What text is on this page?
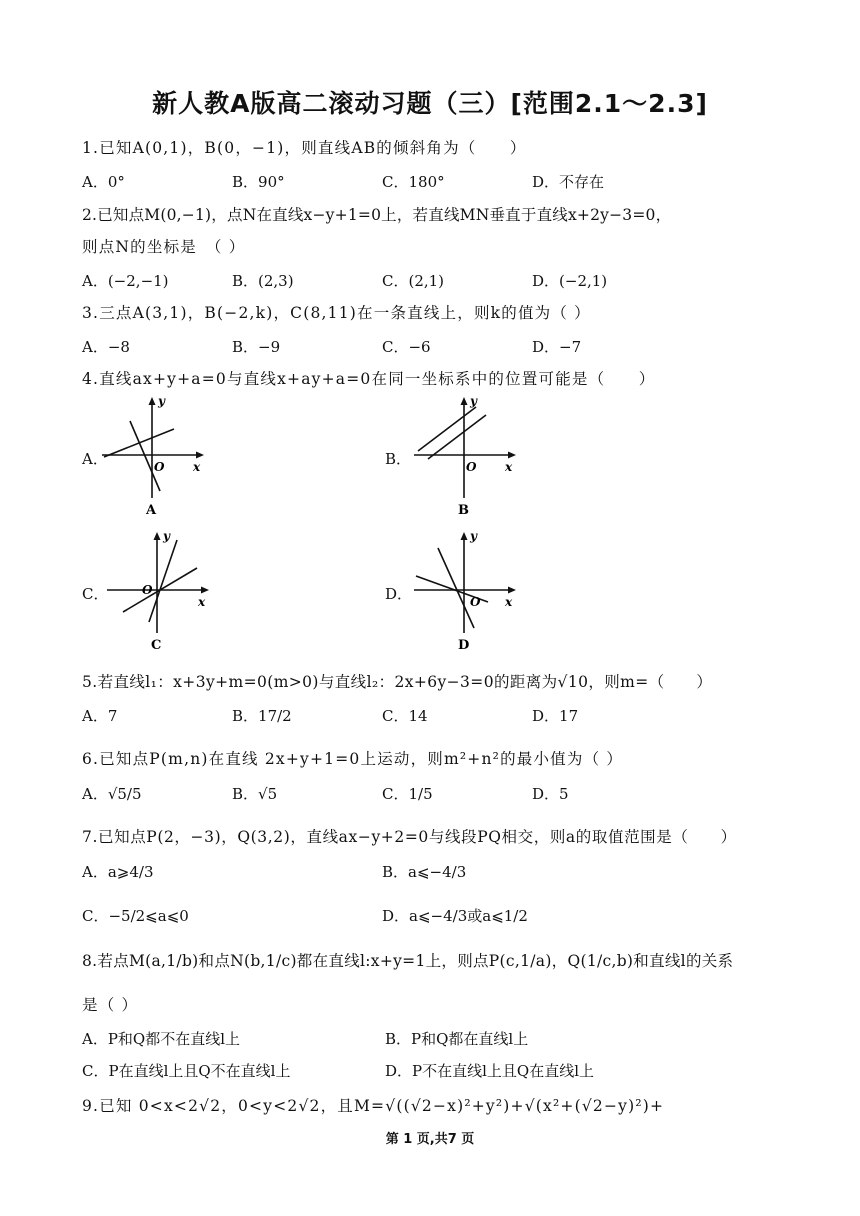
新人教A版高二滚动习题（三）[范围2.1～2.3]
1.已知A(0,1)，B(0，−1)，则直线AB的倾斜角为（　　）
A．0°	B．90°	C．180°	D．不存在
2.已知点M(0,−1)，点N在直线x−y+1=0上，若直线MN垂直于直线x+2y−3=0，
则点N的坐标是　（ ）
A．(−2,−1)	B．(2,3)	C．(2,1)	D．(−2,1)
3.三点A(3,1)，B(−2,k)，C(8,11)在一条直线上，则k的值为（ ）
A．−8	B．−9	C．−6	D．−7
4.直线ax+y+a=0与直线x+ay+a=0在同一坐标系中的位置可能是（　　）
A．
y
x
O
A
B．
y
x
O
B
C．
y
x
O
C
D．
y
x
O
D
5.若直线l₁：x+3y+m=0(m>0)与直线l₂：2x+6y−3=0的距离为√10，则m=（　　）
A．7	B．17/2	C．14	D．17
6.已知点P(m,n)在直线 2x+y+1=0上运动，则m²+n²的最小值为（ ）
A．√5/5	B．√5	C．1/5	D．5
7.已知点P(2，−3)，Q(3,2)，直线ax−y+2=0与线段PQ相交，则a的取值范围是（　　）
A．a⩾4/3	B．a⩽−4/3
C．−5/2⩽a⩽0	D．a⩽−4/3或a⩽1/2
8.若点M(a,1/b)和点N(b,1/c)都在直线l:x+y=1上，则点P(c,1/a)，Q(1/c,b)和直线l的关系
是（ ）
A．P和Q都不在直线l上	B．P和Q都在直线l上
C．P在直线l上且Q不在直线l上	D．P不在直线l上且Q在直线l上
9.已知 0<x<2√2，0<y<2√2，且M=√((√2−x)²+y²)+√(x²+(√2−y)²)+
第 1 页,共7 页
